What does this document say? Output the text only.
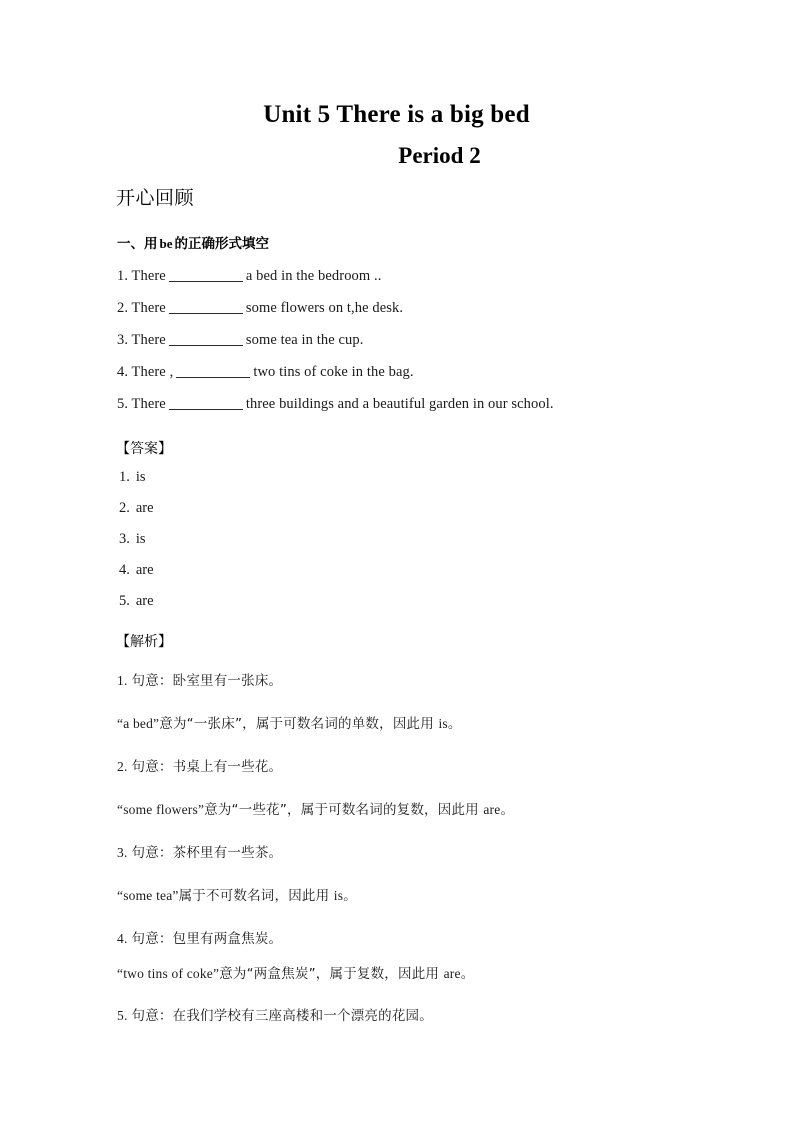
Unit 5 There is a big bed
Period 2
开心回顾
一、用 be 的正确形式填空
1. There	a bed in the bedroom ..
2. There	some flowers on t,he desk.
3. There	some tea in the cup.
4. There ,	two tins of coke in the bag.
5. There	three buildings and a beautiful garden in our school.
【答案】
1. is
2. are
3. is
4. are
5. are
【解析】
1. 句意：卧室里有一张床。
“a bed”意为“一张床”，属于可数名词的单数，因此用 is。
2. 句意：书桌上有一些花。
“some flowers”意为“一些花”，属于可数名词的复数，因此用 are。
3. 句意：茶杯里有一些茶。
“some tea”属于不可数名词，因此用 is。
4. 句意：包里有两盒焦炭。
“two tins of coke”意为“两盒焦炭”，属于复数，因此用 are。
5. 句意：在我们学校有三座高楼和一个漂亮的花园。
